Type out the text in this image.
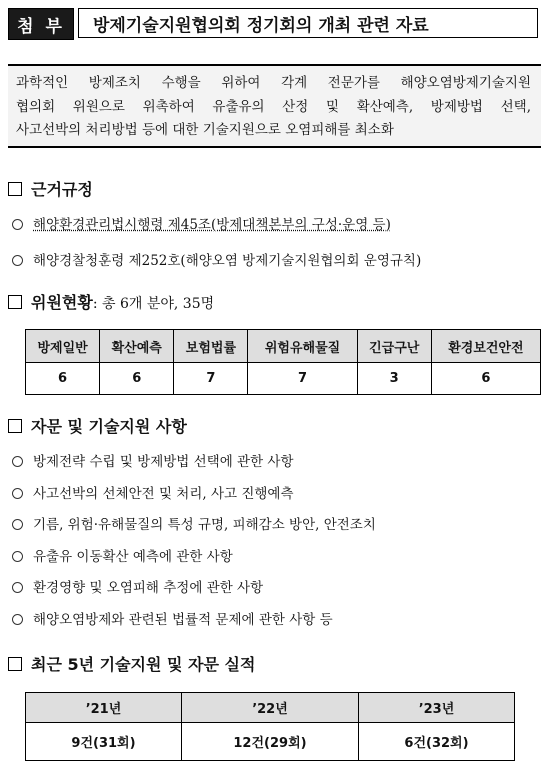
첨 부	방제기술지원협의회 정기회의 개최 관련 자료

과학적인 방제조치 수행을 위하여 각계 전문가를 해양오염방제기술지원

협의회 위원으로 위촉하여 유출유의 산정 및 확산예측, 방제방법 선택,

사고선박의 처리방법 등에 대한 기술지원으로 오염피해를 최소화

근거규정
해양환경관리법시행령 제45조(방제대책본부의 구성·운영 등)
해양경찰청훈령 제252호(해양오염 방제기술지원협의회 운영규칙)
위원현황: 총 6개 분야, 35명
방제일반	확산예측	보험법률	위험유해물질	긴급구난	환경보건안전
6	6	7	7	3	6
자문 및 기술지원 사항
방제전략 수립 및 방제방법 선택에 관한 사항
사고선박의 선체안전 및 처리, 사고 진행예측
기름, 위험·유해물질의 특성 규명, 피해감소 방안, 안전조치
유출유 이동확산 예측에 관한 사항
환경영향 및 오염피해 추정에 관한 사항
해양오염방제와 관련된 법률적 문제에 관한 사항 등
최근 5년 기술지원 및 자문 실적
’21년	’22년	’23년
9건(31회)	12건(29회)	6건(32회)
